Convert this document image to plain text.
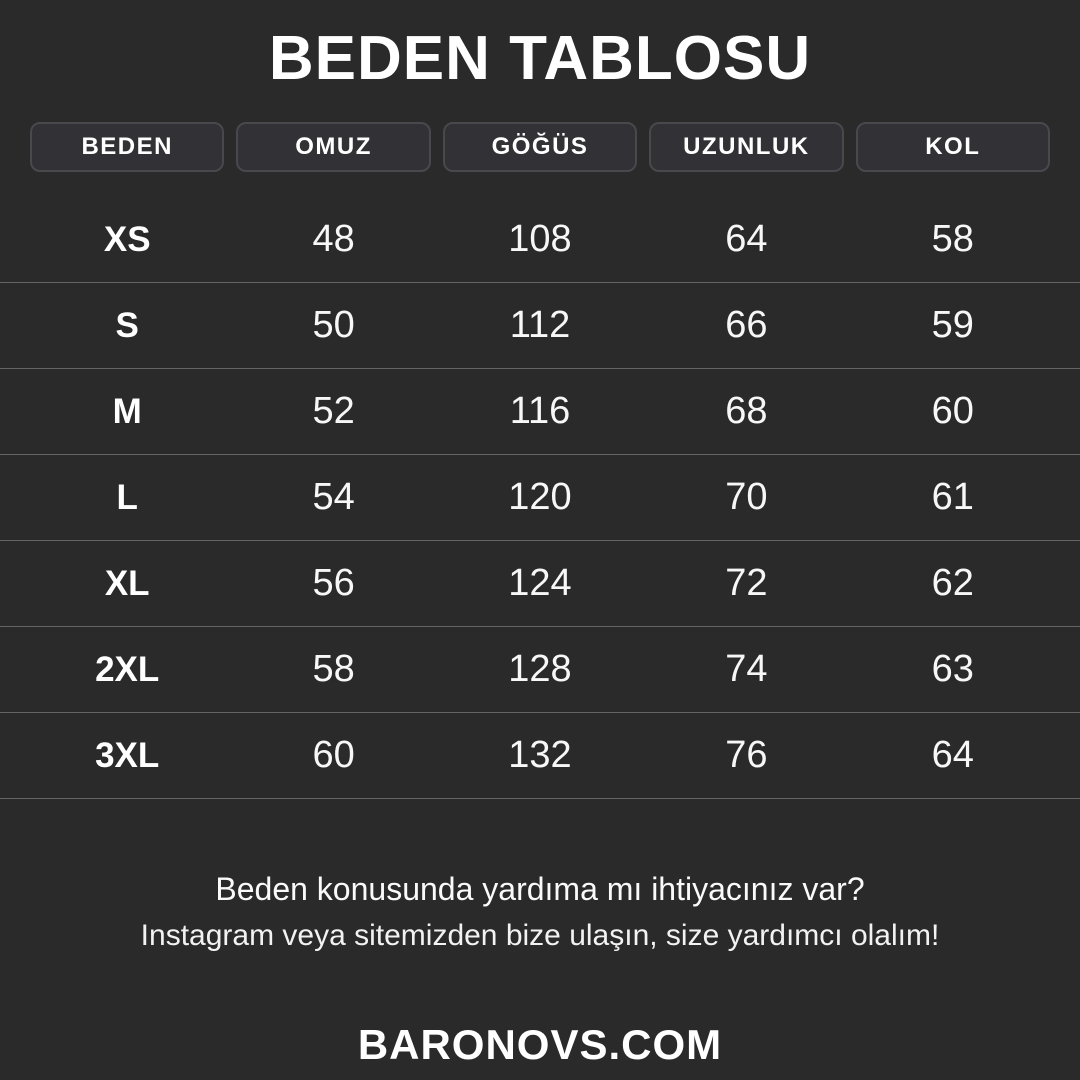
BEDEN TABLOSU
BEDEN	OMUZ	GÖĞÜS	UZUNLUK	KOL
XS	48	108	64	58
S	50	112	66	59
M	52	116	68	60
L	54	120	70	61
XL	56	124	72	62
2XL	58	128	74	63
3XL	60	132	76	64
Beden konusunda yardıma mı ihtiyacınız var?
Instagram veya sitemizden bize ulaşın, size yardımcı olalım!
BARONOVS.COM
